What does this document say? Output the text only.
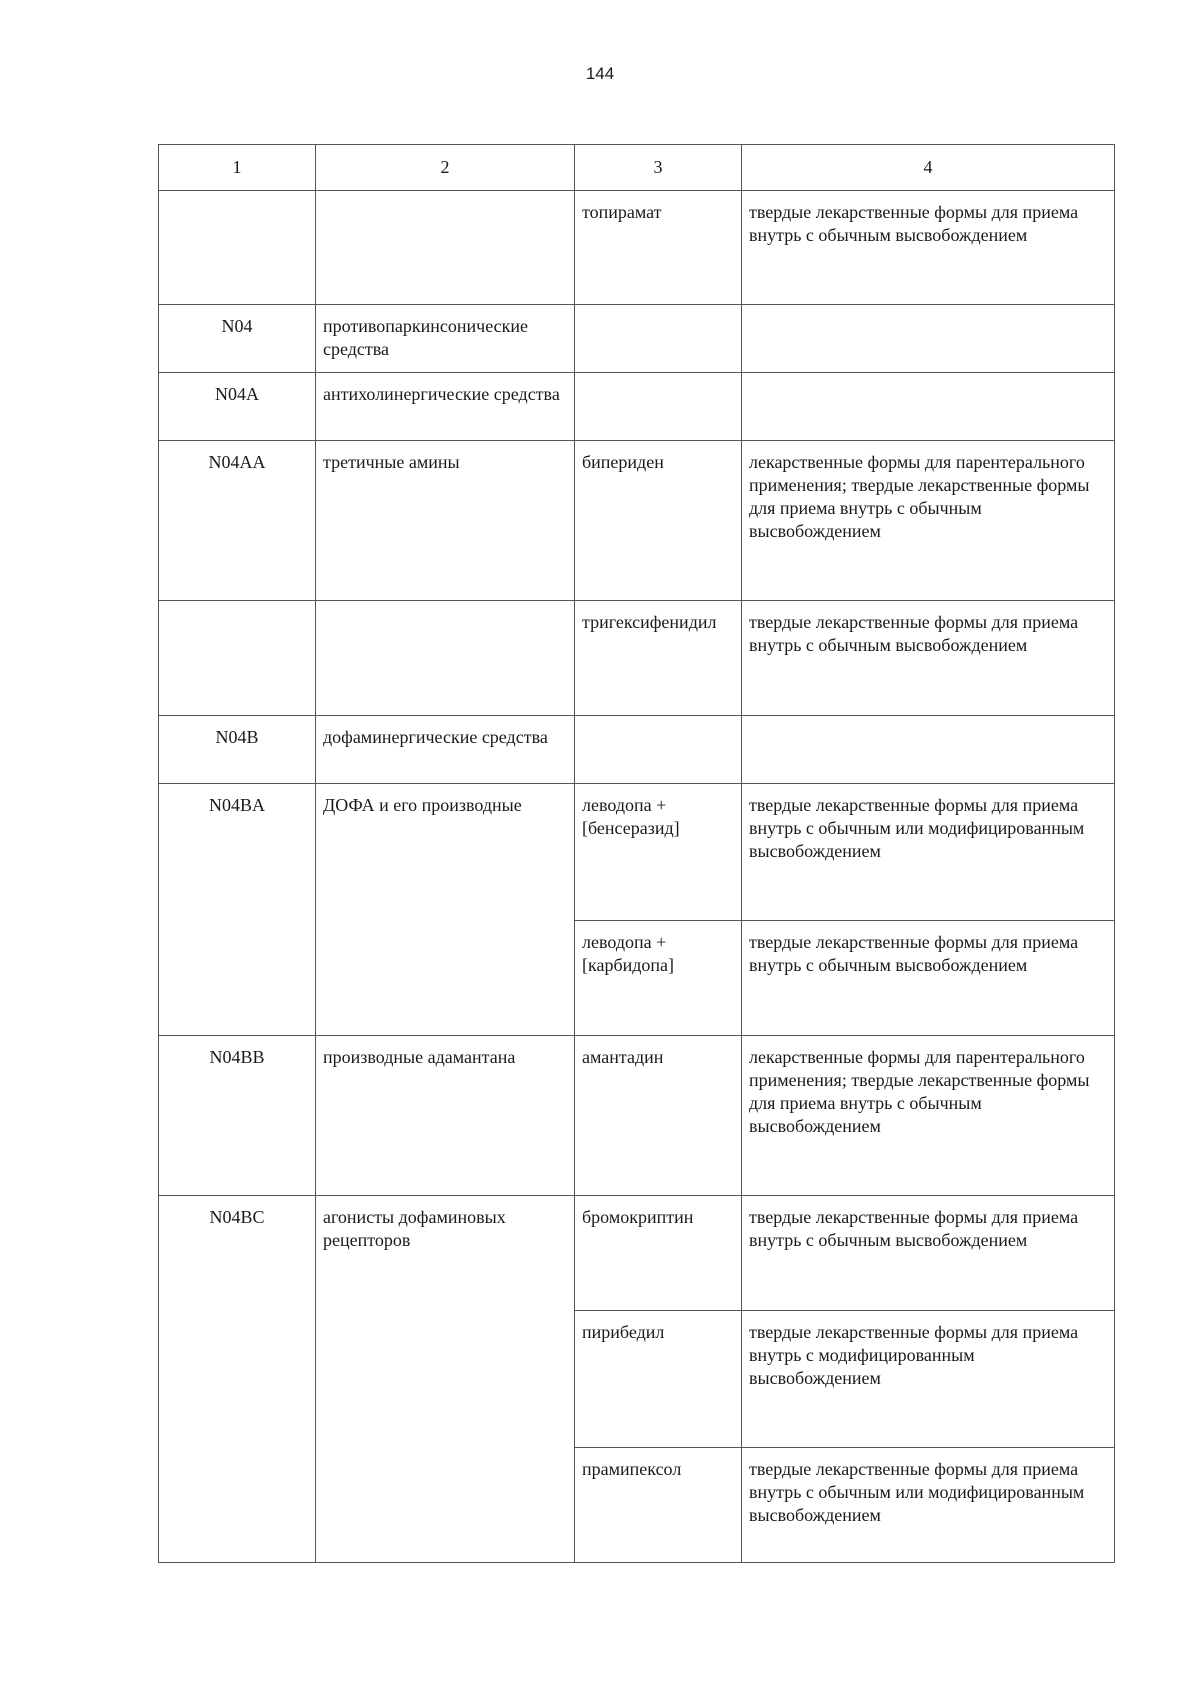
144
1	2	3	4
		топирамат	твердые лекарственные формы для приема внутрь с обычным высвобождением
N04	противопаркинсонические средства		
N04A	антихолинергические средства		
N04AA	третичные амины	бипериден	лекарственные формы для парентерального применения; твердые лекарственные формы для приема внутрь с обычным высвобождением
		тригексифенидил	твердые лекарственные формы для приема внутрь с обычным высвобождением
N04B	дофаминергические средства		
N04BA	ДОФА и его производные	леводопа + [бенсеразид]	твердые лекарственные формы для приема внутрь с обычным или модифицированным высвобождением
		леводопа + [карбидопа]	твердые лекарственные формы для приема внутрь с обычным высвобождением
N04BB	производные адамантана	амантадин	лекарственные формы для парентерального применения; твердые лекарственные формы для приема внутрь с обычным высвобождением
N04BC	агонисты дофаминовых рецепторов	бромокриптин	твердые лекарственные формы для приема внутрь с обычным высвобождением
		пирибедил	твердые лекарственные формы для приема внутрь с модифицированным высвобождением
		прамипексол	твердые лекарственные формы для приема внутрь с обычным или модифицированным высвобождением
